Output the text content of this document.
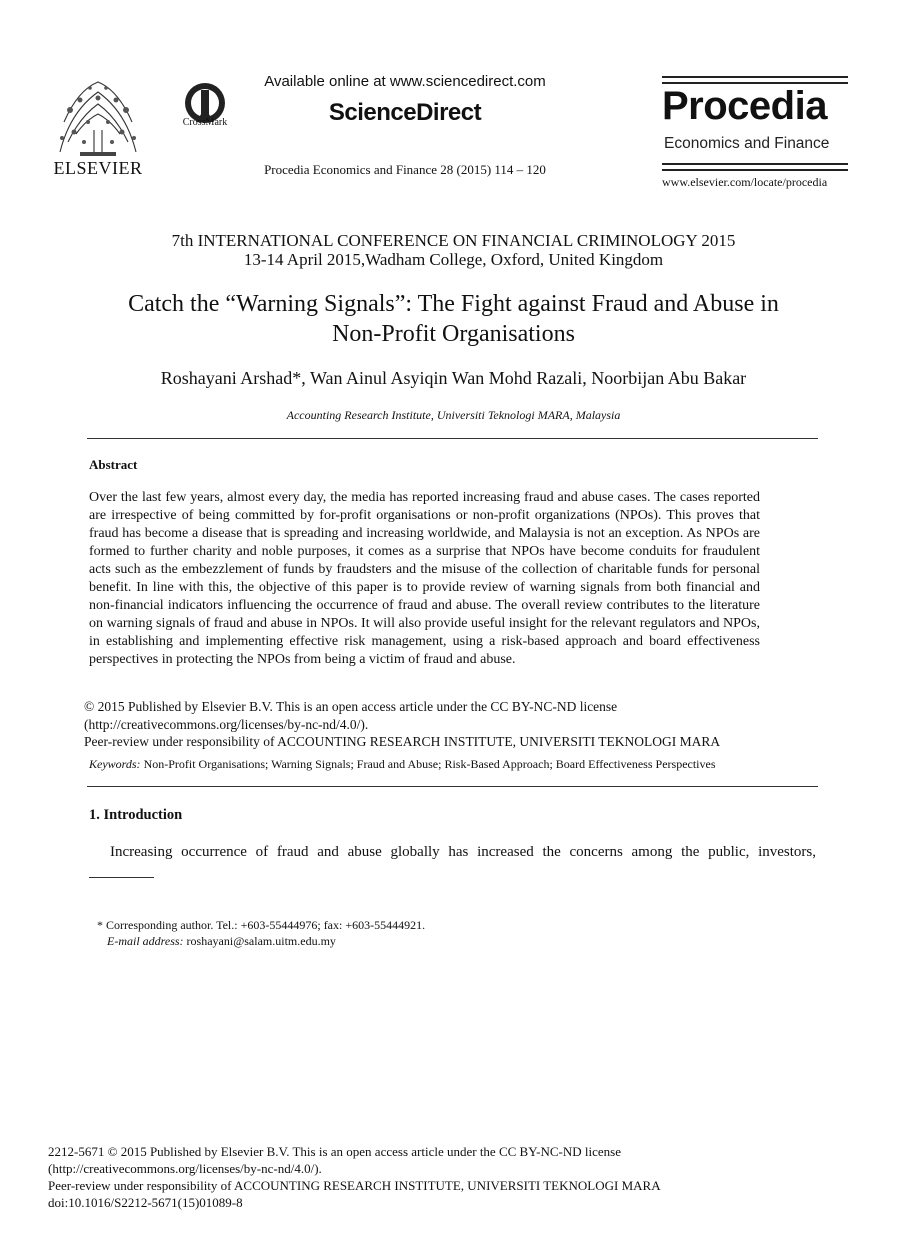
ELSEVIER
CrossMark
Available online at www.sciencedirect.com
ScienceDirect
Procedia Economics and Finance 28 (2015) 114 – 120
Procedia
Economics and Finance
www.elsevier.com/locate/procedia
7th INTERNATIONAL CONFERENCE ON FINANCIAL CRIMINOLOGY 2015
13-14 April 2015,Wadham College, Oxford, United Kingdom
Catch the “Warning Signals”: The Fight against Fraud and Abuse in
Non-Profit Organisations
Roshayani Arshad*, Wan Ainul Asyiqin Wan Mohd Razali, Noorbijan Abu Bakar
Accounting Research Institute, Universiti Teknologi MARA, Malaysia
Abstract
Over the last few years, almost every day, the media has reported increasing fraud and abuse cases. The cases reported are irrespective of being committed by for-profit organisations or non-profit organizations (NPOs). This proves that fraud has become a disease that is spreading and increasing worldwide, and Malaysia is not an exception. As NPOs are formed to further charity and noble purposes, it comes as a surprise that NPOs have become conduits for fraudulent acts such as the embezzlement of funds by fraudsters and the misuse of the collection of charitable funds for personal benefit. In line with this, the objective of this paper is to provide review of warning signals from both financial and non-financial indicators influencing the occurrence of fraud and abuse. The overall review contributes to the literature on warning signals of fraud and abuse in NPOs. It will also provide useful insight for the relevant regulators and NPOs, in establishing and implementing effective risk management, using a risk-based approach and board effectiveness perspectives in protecting the NPOs from being a victim of fraud and abuse.
© 2015 Published by Elsevier B.V. This is an open access article under the CC BY-NC-ND license
(http://creativecommons.org/licenses/by-nc-nd/4.0/).
Peer-review under responsibility of ACCOUNTING RESEARCH INSTITUTE, UNIVERSITI TEKNOLOGI MARA
Keywords: Non-Profit Organisations; Warning Signals; Fraud and Abuse; Risk-Based Approach; Board Effectiveness Perspectives
1. Introduction
Increasing occurrence of fraud and abuse globally has increased the concerns among the public, investors,
* Corresponding author. Tel.: +603-55444976; fax: +603-55444921.
E-mail address: roshayani@salam.uitm.edu.my
2212-5671 © 2015 Published by Elsevier B.V. This is an open access article under the CC BY-NC-ND license
(http://creativecommons.org/licenses/by-nc-nd/4.0/).
Peer-review under responsibility of ACCOUNTING RESEARCH INSTITUTE, UNIVERSITI TEKNOLOGI MARA
doi:10.1016/S2212-5671(15)01089-8
